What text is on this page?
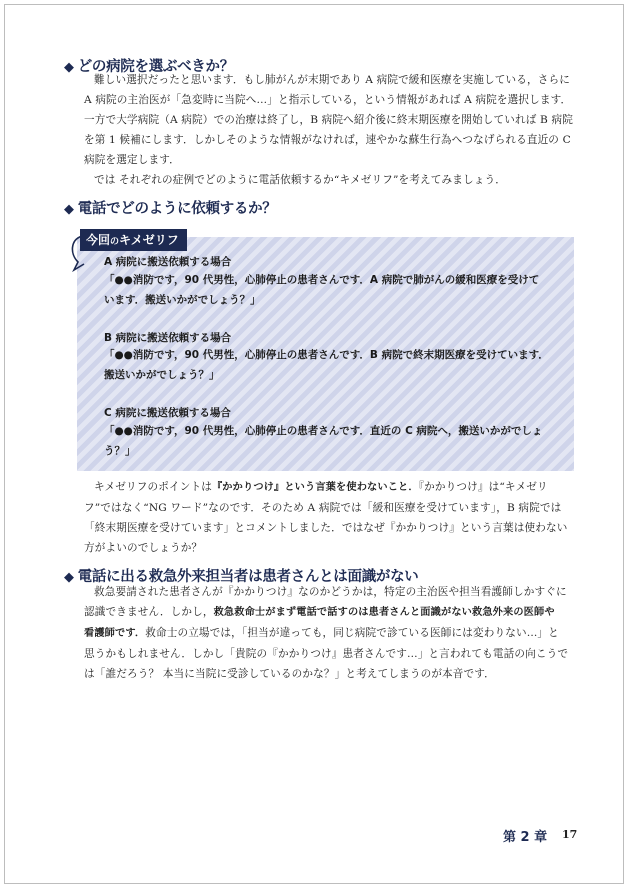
◆ どの病院を選ぶべきか？
難しい選択だったと思います．もし肺がんが末期であり A 病院で緩和医療を実施している，さらに
A 病院の主治医が「急変時に当院へ…」と指示している，という情報があれば A 病院を選択します．
一方で大学病院（A 病院）での治療は終了し，B 病院へ紹介後に終末期医療を開始していれば B 病院
を第 1 候補にします．しかしそのような情報がなければ，速やかな蘇生行為へつなげられる直近の C
病院を選定します．
では それぞれの症例でどのように電話依頼するか“キメゼリフ”を考えてみましょう．
◆ 電話でどのように依頼するか？
今回のキメゼリフ
A 病院に搬送依頼する場合
「●●消防です，90 代男性，心肺停止の患者さんです．A 病院で肺がんの緩和医療を受けて
います．搬送いかがでしょう？」
B 病院に搬送依頼する場合
「●●消防です，90 代男性，心肺停止の患者さんです．B 病院で終末期医療を受けています．
搬送いかがでしょう？」
C 病院に搬送依頼する場合
「●●消防です，90 代男性，心肺停止の患者さんです．直近の C 病院へ，搬送いかがでしょ
う？」
キメゼリフのポイントは『かかりつけ』という言葉を使わないこと．『かかりつけ』は“キメゼリ
フ”ではなく“NG ワード”なのです．そのため A 病院では「緩和医療を受けています」，B 病院では
「終末期医療を受けています」とコメントしました．ではなぜ『かかりつけ』という言葉は使わない
方がよいのでしょうか？
◆ 電話に出る救急外来担当者は患者さんとは面識がない
救急要請された患者さんが『かかりつけ』なのかどうかは，特定の主治医や担当看護師しかすぐに
認識できません．しかし，救急救命士がまず電話で話すのは患者さんと面識がない救急外来の医師や
看護師です．救命士の立場では，「担当が違っても，同じ病院で診ている医師には変わりない…」と
思うかもしれません．しかし「貴院の『かかりつけ』患者さんです…」と言われても電話の向こうで
は「誰だろう？ 本当に当院に受診しているのかな？」と考えてしまうのが本音です．
第 2 章 17
